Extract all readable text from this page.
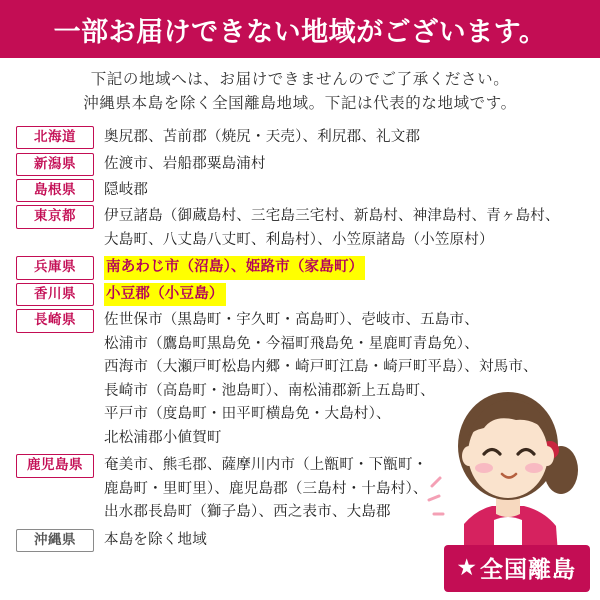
一部お届けできない地域がございます。
下記の地域へは、お届けできませんのでご了承ください。
沖縄県本島を除く全国離島地域。下記は代表的な地域です。
北海道	奥尻郡、苫前郡（焼尻・天売）、利尻郡、礼文郡
新潟県	佐渡市、岩船郡粟島浦村
島根県	隠岐郡
東京都	伊豆諸島（御蔵島村、三宅島三宅村、新島村、神津島村、青ヶ島村、
大島町、八丈島八丈町、利島村）、小笠原諸島（小笠原村）
兵庫県	南あわじ市（沼島）、姫路市（家島町）
香川県	小豆郡（小豆島）
長崎県	佐世保市（黒島町・宇久町・高島町）、壱岐市、五島市、
松浦市（鷹島町黒島免・今福町飛島免・星鹿町青島免）、
西海市（大瀬戸町松島内郷・崎戸町江島・崎戸町平島）、対馬市、
長崎市（高島町・池島町）、南松浦郡新上五島町、
平戸市（度島町・田平町横島免・大島村）、
北松浦郡小値賀町
鹿児島県	奄美市、熊毛郡、薩摩川内市（上甑町・下甑町・
鹿島町・里町里）、鹿児島郡（三島村・十島村）、
出水郡長島町（獅子島）、西之表市、大島郡
沖縄県	本島を除く地域
★ 全国離島
